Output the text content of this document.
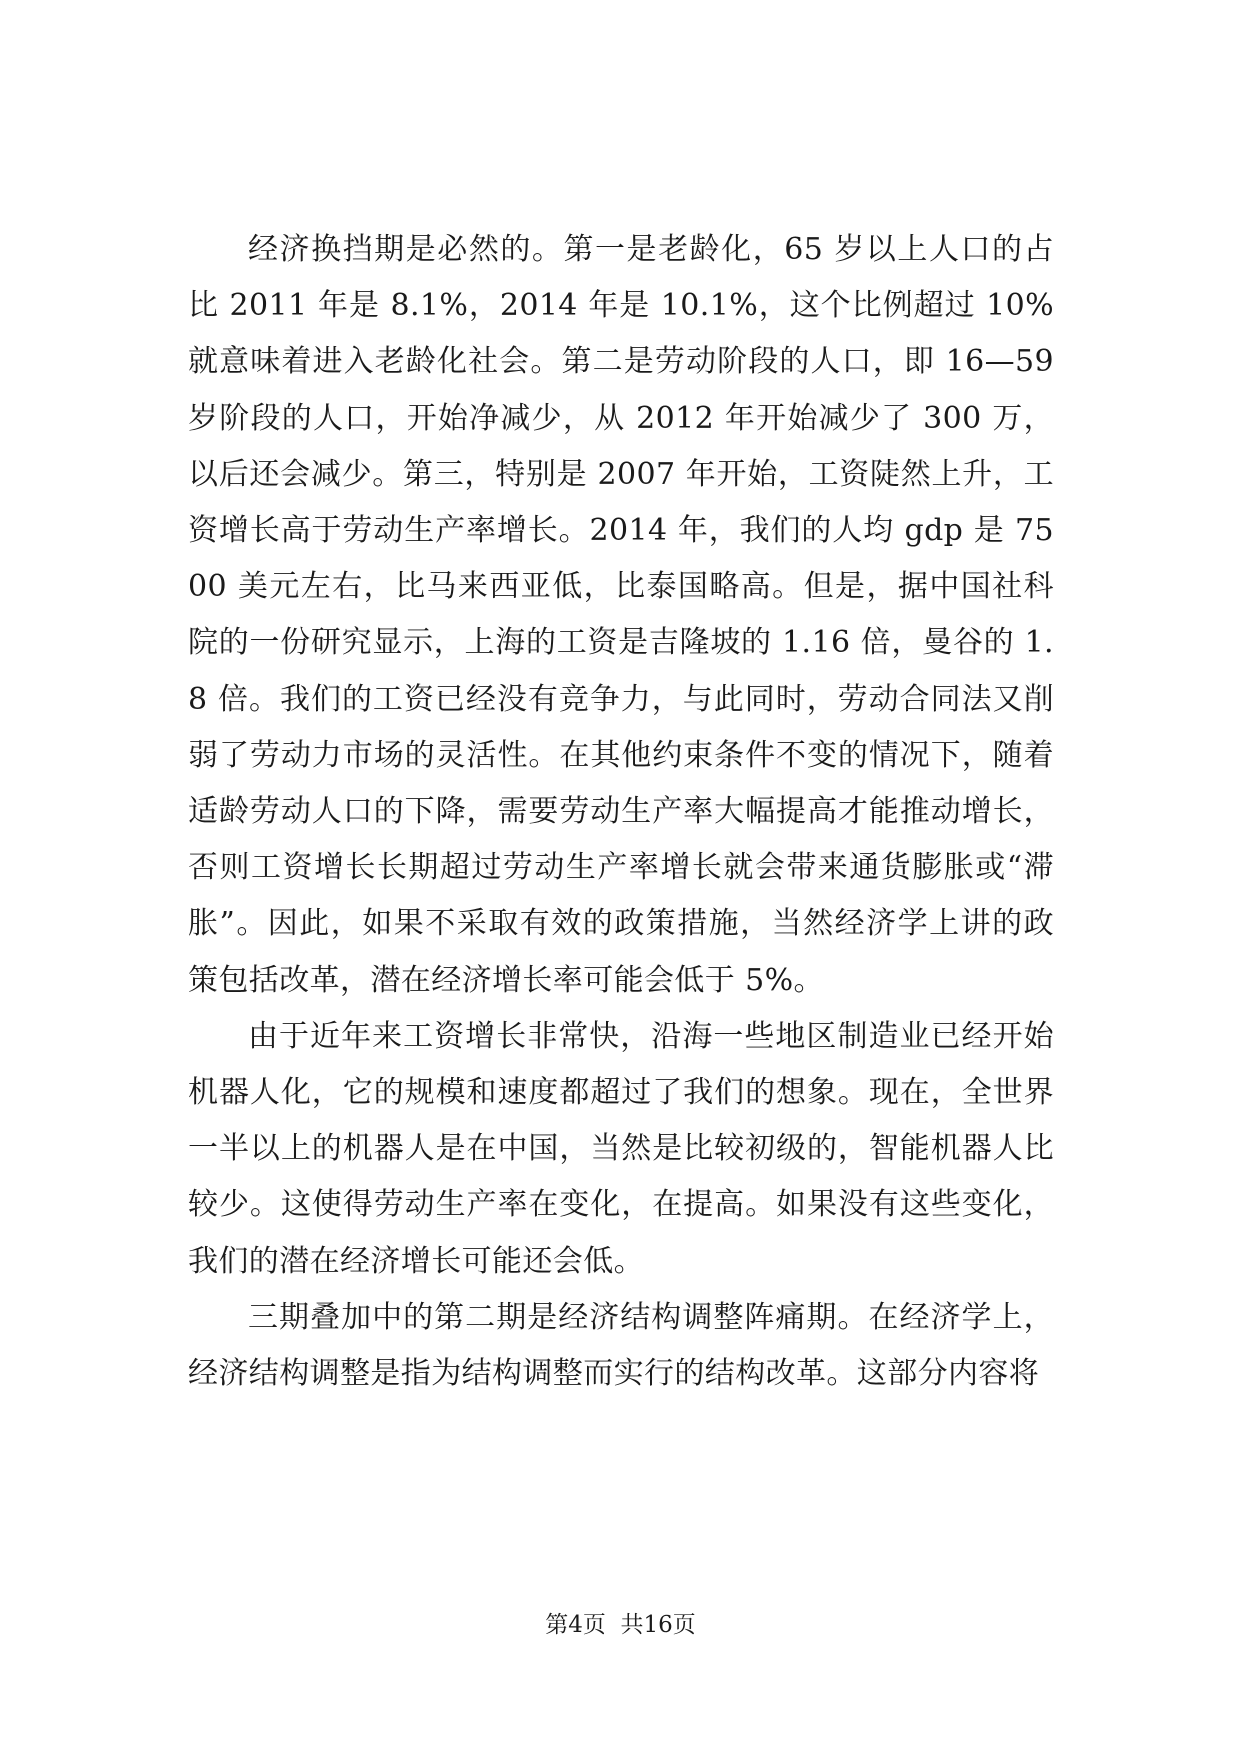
经济换挡期是必然的。第一是老龄化，65 岁以上人口的占比 2011 年是 8.1%，2014 年是 10.1%，这个比例超过 10%就意味着进入老龄化社会。第二是劳动阶段的人口，即 16—59 岁阶段的人口，开始净减少，从 2012 年开始减少了 300 万，以后还会减少。第三，特别是 2007 年开始，工资陡然上升，工资增长高于劳动生产率增长。2014 年，我们的人均 gdp 是 7500 美元左右，比马来西亚低，比泰国略高。但是，据中国社科院的一份研究显示，上海的工资是吉隆坡的 1.16 倍，曼谷的 1.8 倍。我们的工资已经没有竞争力，与此同时，劳动合同法又削弱了劳动力市场的灵活性。在其他约束条件不变的情况下，随着适龄劳动人口的下降，需要劳动生产率大幅提高才能推动增长，否则工资增长长期超过劳动生产率增长就会带来通货膨胀或“滞胀”。因此，如果不采取有效的政策措施，当然经济学上讲的政策包括改革，潜在经济增长率可能会低于 5%。

由于近年来工资增长非常快，沿海一些地区制造业已经开始机器人化，它的规模和速度都超过了我们的想象。现在，全世界一半以上的机器人是在中国，当然是比较初级的，智能机器人比较少。这使得劳动生产率在变化，在提高。如果没有这些变化，我们的潜在经济增长可能还会低。

三期叠加中的第二期是经济结构调整阵痛期。在经济学上，经济结构调整是指为结构调整而实行的结构改革。这部分内容将

第4页  共16页
